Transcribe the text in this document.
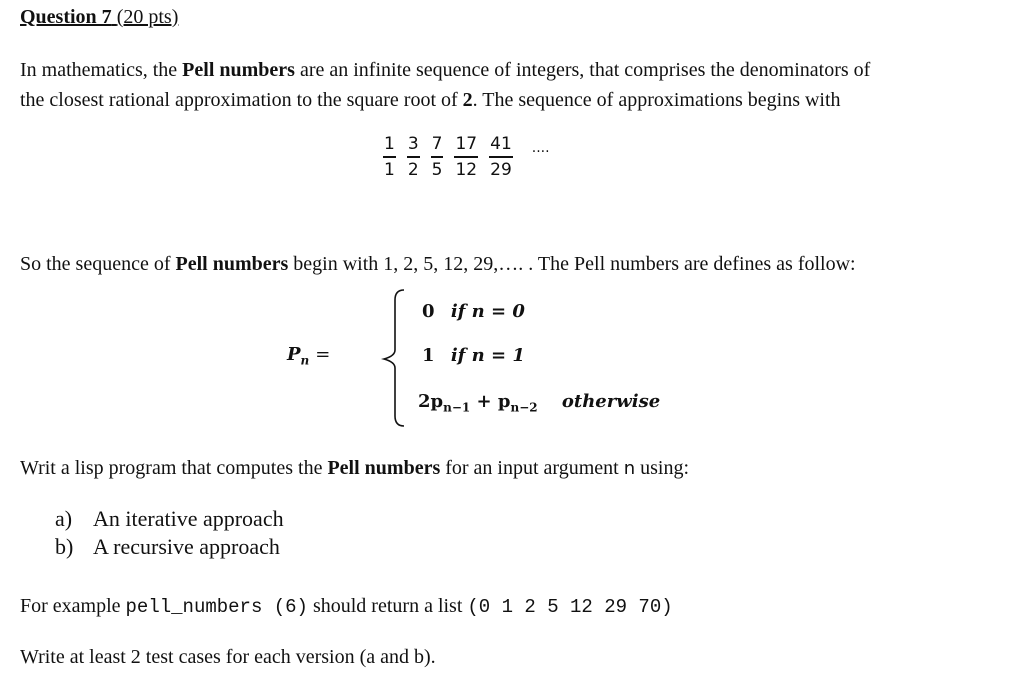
Question 7 (20 pts)
In mathematics, the Pell numbers are an infinite sequence of integers, that comprises the denominators of
the closest rational approximation to the square root of 2. The sequence of approximations begins with
$\frac{1}{1} \frac{3}{2} \frac{7}{5} \frac{17}{12} \frac{41}{29}$ ....
So the sequence of Pell numbers begin with 1, 2, 5, 12, 29,…. . The Pell numbers are defines as follow:
$P_n$ =
0 if n = 0
1 if n = 1
$2p_{n-1} + p_{n-2}$ otherwise
Writ a lisp program that computes the Pell numbers for an input argument n using:
a) An iterative approach
b) A recursive approach
For example pell_numbers (6) should return a list (0 1 2 5 12 29 70)
Write at least 2 test cases for each version (a and b).
